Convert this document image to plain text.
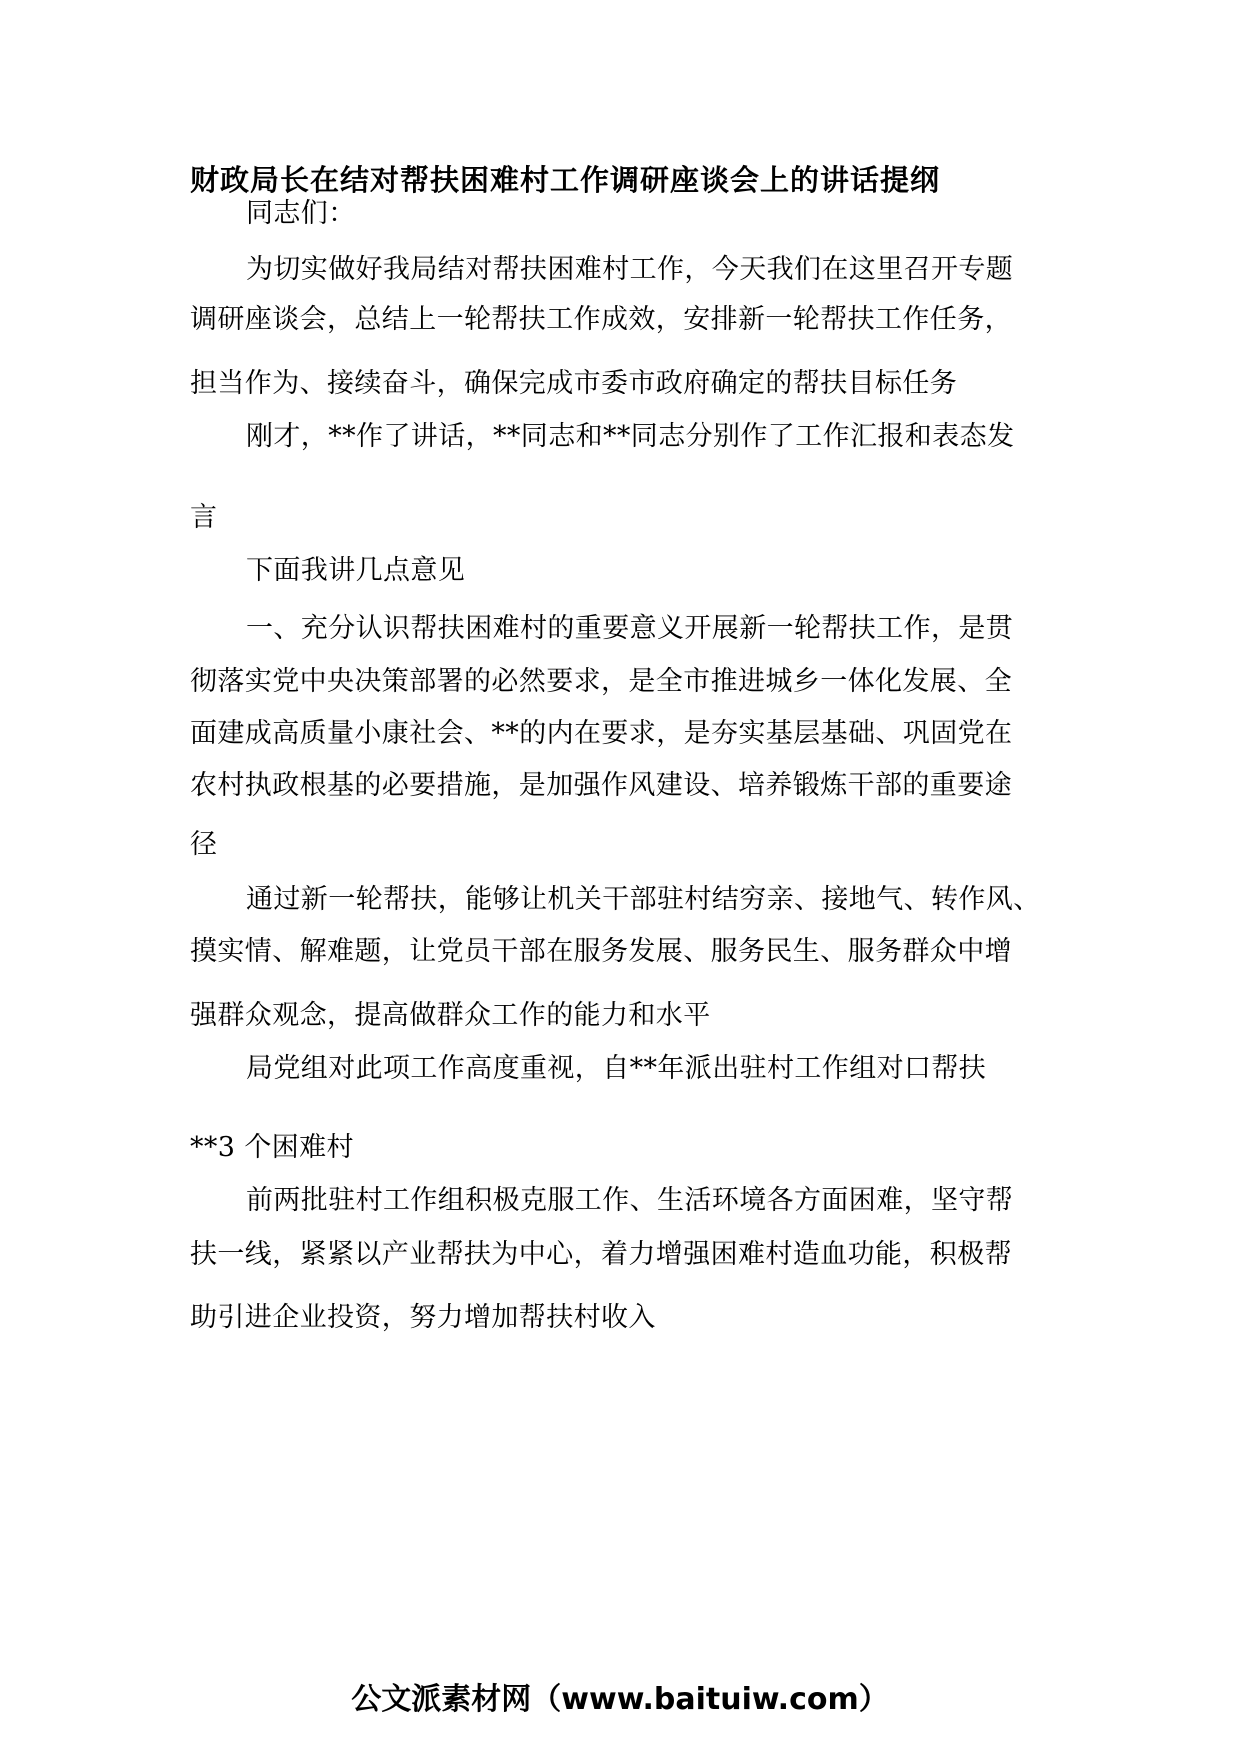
财政局长在结对帮扶困难村工作调研座谈会上的讲话提纲
同志们：
为切实做好我局结对帮扶困难村工作，今天我们在这里召开专题
调研座谈会，总结上一轮帮扶工作成效，安排新一轮帮扶工作任务，
担当作为、接续奋斗，确保完成市委市政府确定的帮扶目标任务
刚才，**作了讲话，**同志和**同志分别作了工作汇报和表态发
言
下面我讲几点意见
一、充分认识帮扶困难村的重要意义开展新一轮帮扶工作，是贯
彻落实党中央决策部署的必然要求，是全市推进城乡一体化发展、全
面建成高质量小康社会、**的内在要求，是夯实基层基础、巩固党在
农村执政根基的必要措施，是加强作风建设、培养锻炼干部的重要途
径
通过新一轮帮扶，能够让机关干部驻村结穷亲、接地气、转作风、
摸实情、解难题，让党员干部在服务发展、服务民生、服务群众中增
强群众观念，提高做群众工作的能力和水平
局党组对此项工作高度重视，自**年派出驻村工作组对口帮扶
**3 个困难村
前两批驻村工作组积极克服工作、生活环境各方面困难，坚守帮
扶一线，紧紧以产业帮扶为中心，着力增强困难村造血功能，积极帮
助引进企业投资，努力增加帮扶村收入
公文派素材网（www.baituiw.com）
